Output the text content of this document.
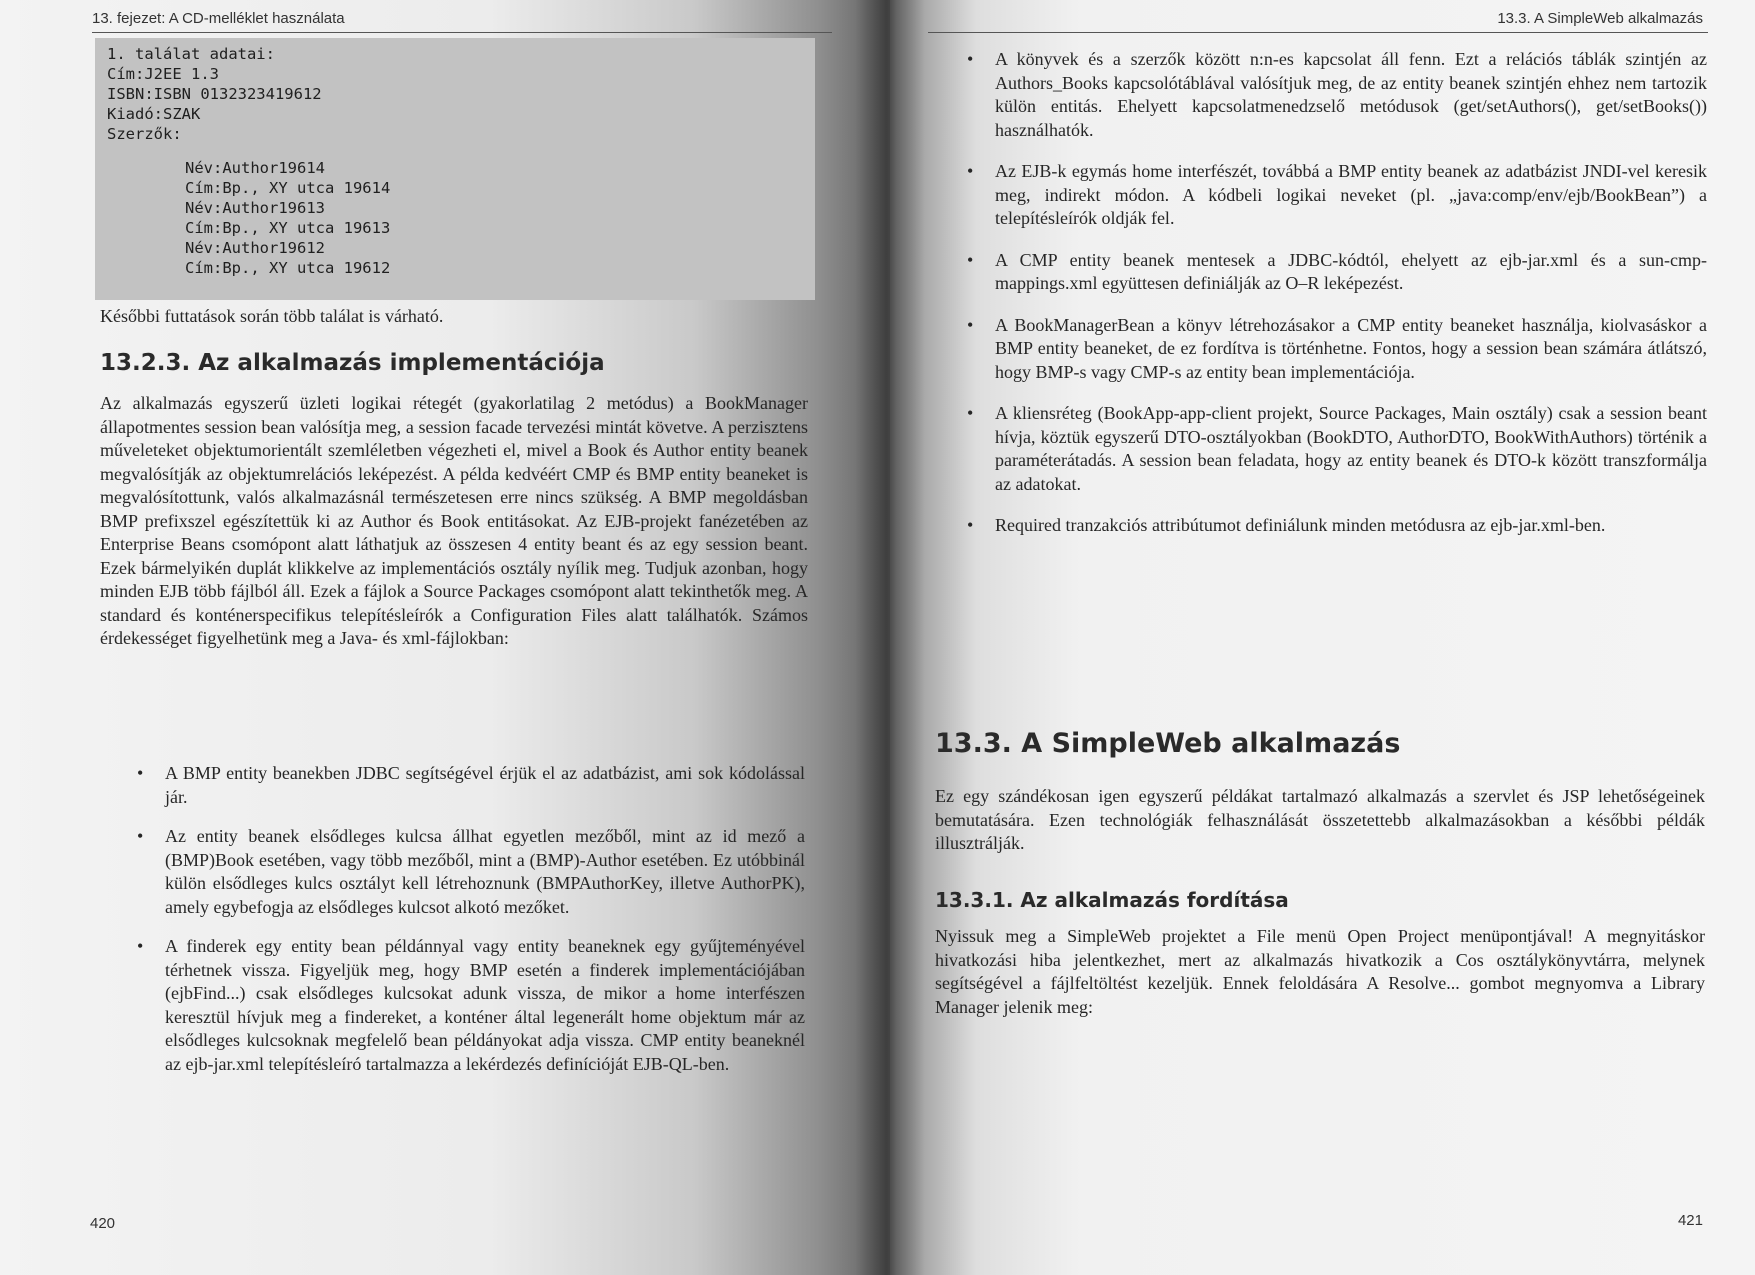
13. fejezet: A CD-melléklet használata
1. találat adatai:
Cím:J2EE 1.3
ISBN:ISBN 0132323419612
Kiadó:SZAK
Szerzők:
Név:Author19614
Cím:Bp., XY utca 19614
Név:Author19613
Cím:Bp., XY utca 19613
Név:Author19612
Cím:Bp., XY utca 19612
Későbbi futtatások során több találat is várható.
13.2.3. Az alkalmazás implementációja
Az alkalmazás egyszerű üzleti logikai rétegét (gyakorlatilag 2 metódus) a BookManager állapotmentes session bean valósítja meg, a session facade tervezési mintát követve. A perzisztens műveleteket objektumorientált szemléletben végezheti el, mivel a Book és Author entity beanek megvalósítják az objektumrelációs leképezést. A példa kedvéért CMP és BMP entity beaneket is megvalósítottunk, valós alkalmazásnál természetesen erre nincs szükség. A BMP megoldásban BMP prefixszel egészítettük ki az Author és Book entitásokat. Az EJB-projekt fanézetében az Enterprise Beans csomópont alatt láthatjuk az összesen 4 entity beant és az egy session beant. Ezek bármelyikén duplát klikkelve az implementációs osztály nyílik meg. Tudjuk azonban, hogy minden EJB több fájlból áll. Ezek a fájlok a Source Packages csomópont alatt tekinthetők meg. A standard és konténerspecifikus telepítésleírók a Configuration Files alatt találhatók. Számos érdekességet figyelhetünk meg a Java- és xml-fájlokban:
• A BMP entity beanekben JDBC segítségével érjük el az adatbázist, ami sok kódolással jár.
• Az entity beanek elsődleges kulcsa állhat egyetlen mezőből, mint az id mező a (BMP)Book esetében, vagy több mezőből, mint a (BMP)-Author esetében. Ez utóbbinál külön elsődleges kulcs osztályt kell létrehoznunk (BMPAuthorKey, illetve AuthorPK), amely egybefogja az elsődleges kulcsot alkotó mezőket.
• A finderek egy entity bean példánnyal vagy entity beaneknek egy gyűjteményével térhetnek vissza. Figyeljük meg, hogy BMP esetén a finderek implementációjában (ejbFind...) csak elsődleges kulcsokat adunk vissza, de mikor a home interfészen keresztül hívjuk meg a findereket, a konténer által legenerált home objektum már az elsődleges kulcsoknak megfelelő bean példányokat adja vissza. CMP entity beaneknél az ejb-jar.xml telepítésleíró tartalmazza a lekérdezés definícióját EJB-QL-ben.
420
13.3. A SimpleWeb alkalmazás
• A könyvek és a szerzők között n:n-es kapcsolat áll fenn. Ezt a relációs táblák szintjén az Authors_Books kapcsolótáblával valósítjuk meg, de az entity beanek szintjén ehhez nem tartozik külön entitás. Ehelyett kapcsolatmenedzselő metódusok (get/setAuthors(), get/setBooks()) használhatók.
• Az EJB-k egymás home interfészét, továbbá a BMP entity beanek az adatbázist JNDI-vel keresik meg, indirekt módon. A kódbeli logikai neveket (pl. „java:comp/env/ejb/BookBean”) a telepítésleírók oldják fel.
• A CMP entity beanek mentesek a JDBC-kódtól, ehelyett az ejb-jar.xml és a sun-cmp-mappings.xml együttesen definiálják az O–R leképezést.
• A BookManagerBean a könyv létrehozásakor a CMP entity beaneket használja, kiolvasáskor a BMP entity beaneket, de ez fordítva is történhetne. Fontos, hogy a session bean számára átlátszó, hogy BMP-s vagy CMP-s az entity bean implementációja.
• A kliensréteg (BookApp-app-client projekt, Source Packages, Main osztály) csak a session beant hívja, köztük egyszerű DTO-osztályokban (BookDTO, AuthorDTO, BookWithAuthors) történik a paraméterátadás. A session bean feladata, hogy az entity beanek és DTO-k között transzformálja az adatokat.
• Required tranzakciós attribútumot definiálunk minden metódusra az ejb-jar.xml-ben.
13.3. A SimpleWeb alkalmazás
Ez egy szándékosan igen egyszerű példákat tartalmazó alkalmazás a szervlet és JSP lehetőségeinek bemutatására. Ezen technológiák felhasználását összetettebb alkalmazásokban a későbbi példák illusztrálják.
13.3.1. Az alkalmazás fordítása
Nyissuk meg a SimpleWeb projektet a File menü Open Project menüpontjával! A megnyitáskor hivatkozási hiba jelentkezhet, mert az alkalmazás hivatkozik a Cos osztálykönyvtárra, melynek segítségével a fájlfeltöltést kezeljük. Ennek feloldására A Resolve... gombot megnyomva a Library Manager jelenik meg:
421
